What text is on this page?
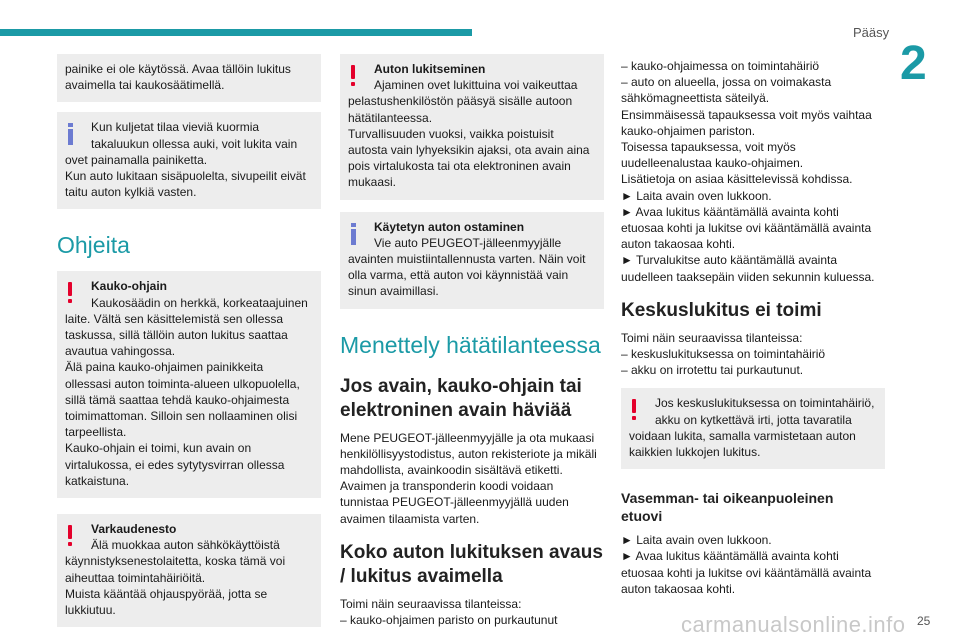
Pääsy
2
painike ei ole käytössä. Avaa tällöin lukitus
avaimella tai kaukosäätimellä.
Kun kuljetat tilaa vieviä kuormia
takaluukun ollessa auki, voit lukita vain
ovet painamalla painiketta.
Kun auto lukitaan sisäpuolelta, sivupeilit eivät
taitu auton kylkiä vasten.
Ohjeita
Kauko-ohjain
Kaukosäädin on herkkä, korkeataajuinen
laite. Vältä sen käsittelemistä sen ollessa
taskussa, sillä tällöin auton lukitus saattaa
avautua vahingossa.
Älä paina kauko-ohjaimen painikkeita
ollessasi auton toiminta-alueen ulkopuolella,
sillä tämä saattaa tehdä kauko-ohjaimesta
toimimattoman. Silloin sen nollaaminen olisi
tarpeellista.
Kauko-ohjain ei toimi, kun avain on
virtalukossa, ei edes sytytysvirran ollessa
katkaistuna.
Varkaudenesto
Älä muokkaa auton sähkökäyttöistä
käynnistyksenestolaitetta, koska tämä voi
aiheuttaa toimintahäiriöitä.
Muista kääntää ohjauspyörää, jotta se
lukkiutuu.
Auton lukitseminen
Ajaminen ovet lukittuina voi vaikeuttaa
pelastushenkilöstön pääsyä sisälle autoon
hätätilanteessa.
Turvallisuuden vuoksi, vaikka poistuisit
autosta vain lyhyeksikin ajaksi, ota avain aina
pois virtalukosta tai ota elektroninen avain
mukaasi.
Käytetyn auton ostaminen
Vie auto PEUGEOT-jälleenmyyjälle
avainten muistiintallennusta varten. Näin voit
olla varma, että auton voi käynnistää vain
sinun avaimillasi.
Menettely hätätilanteessa
Jos avain, kauko-ohjain tai elektroninen avain häviää
Mene PEUGEOT-jälleenmyyjälle ja ota mukaasi
henkilöllisyystodistus, auton rekisteriote ja mikäli
mahdollista, avainkoodin sisältävä etiketti.
Avaimen ja transponderin koodi voidaan
tunnistaa PEUGEOT-jälleenmyyjällä uuden
avaimen tilaamista varten.
Koko auton lukituksen avaus / lukitus avaimella
Toimi näin seuraavissa tilanteissa:
– kauko-ohjaimen paristo on purkautunut
– kauko-ohjaimessa on toimintahäiriö
– auto on alueella, jossa on voimakasta
sähkömagneettista säteilyä.
Ensimmäisessä tapauksessa voit myös vaihtaa
kauko-ohjaimen pariston.
Toisessa tapauksessa, voit myös
uudelleenalustaa kauko-ohjaimen.
Lisätietoja on asiaa käsittelevissä kohdissa.
► Laita avain oven lukkoon.
► Avaa lukitus kääntämällä avainta kohti
etuosaa kohti ja lukitse ovi kääntämällä avainta
auton takaosaa kohti.
► Turvalukitse auto kääntämällä avainta
uudelleen taaksepäin viiden sekunnin kuluessa.
Keskuslukitus ei toimi
Toimi näin seuraavissa tilanteissa:
– keskuslukituksessa on toimintahäiriö
– akku on irrotettu tai purkautunut.
Jos keskuslukituksessa on toimintahäiriö,
akku on kytkettävä irti, jotta tavaratila
voidaan lukita, samalla varmistetaan auton
kaikkien lukkojen lukitus.
Vasemman- tai oikeanpuoleinen etuovi
► Laita avain oven lukkoon.
► Avaa lukitus kääntämällä avainta kohti
etuosaa kohti ja lukitse ovi kääntämällä avainta
auton takaosaa kohti.
carmanualsonline.info 25
